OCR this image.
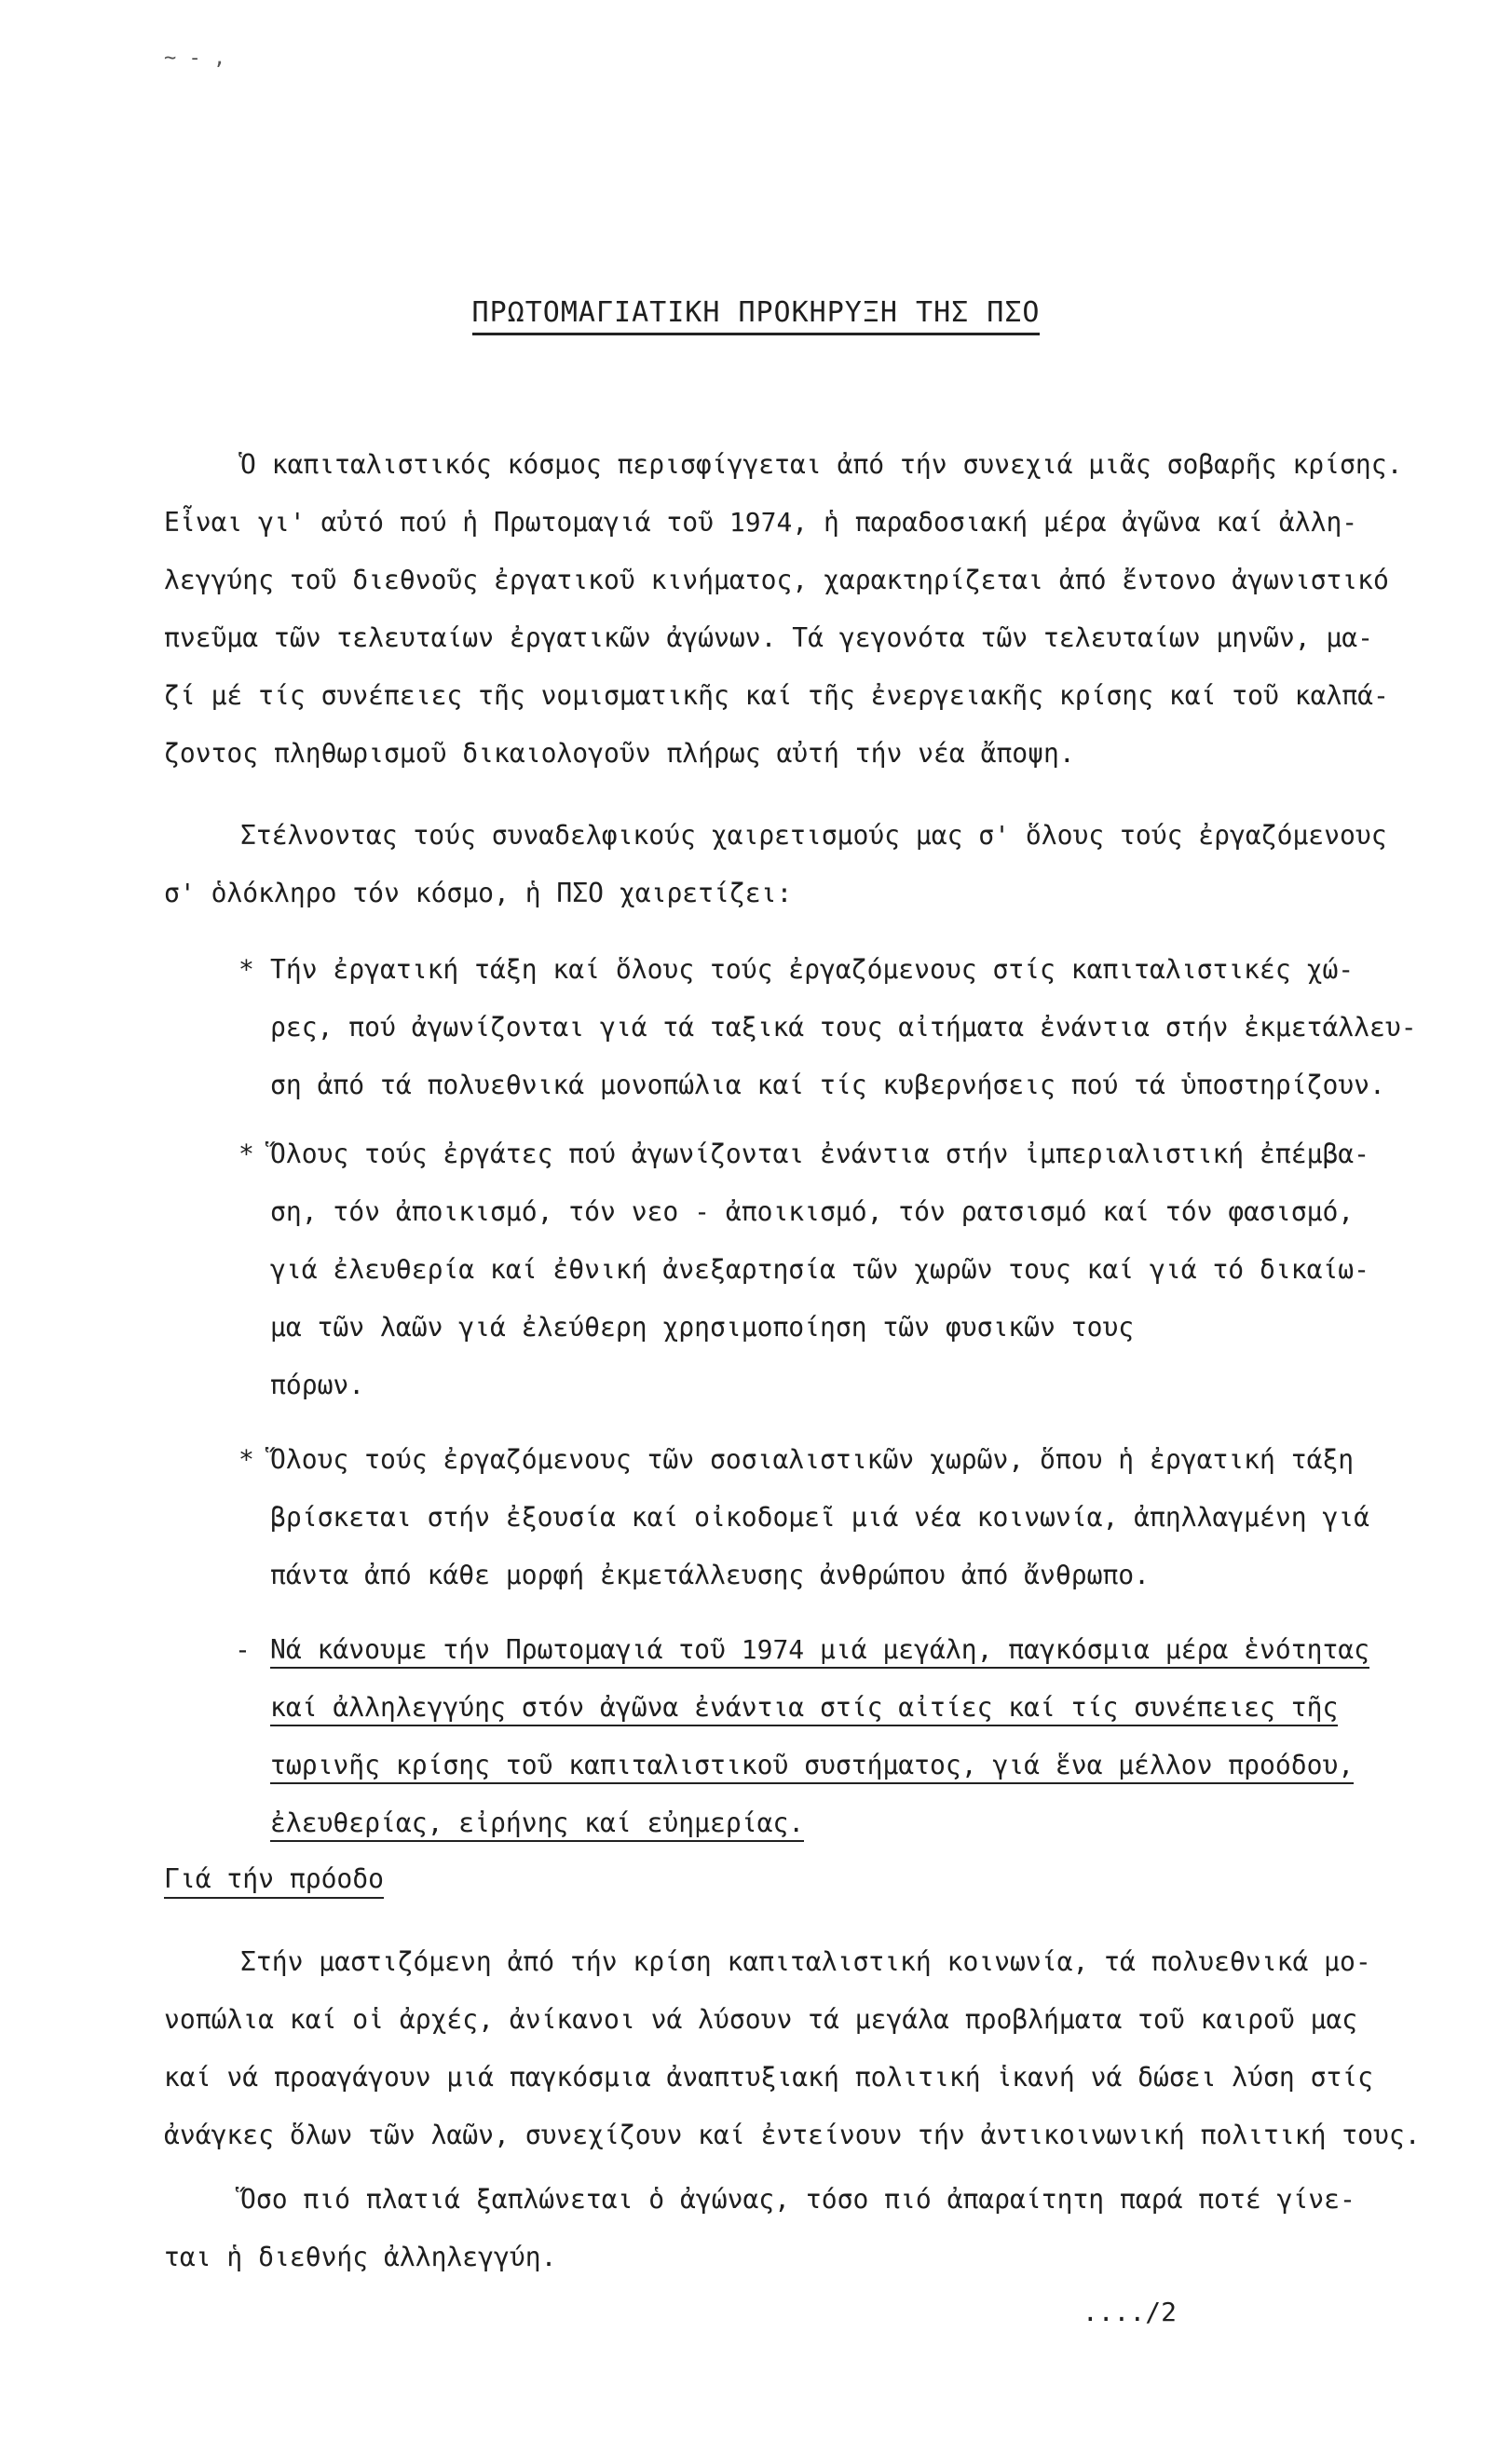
~ - ,
ΠΡΩΤΟΜΑΓΙΑΤΙΚΗ ΠΡΟΚΗΡΥΞΗ ΤΗΣ ΠΣΟ
Ὁ καπιταλιστικός κόσμος περισφίγγεται ἀπό τήν συνεχιά μιᾶς σοβαρῆς κρίσης.
Εἶναι γι' αὐτό πού ἡ Πρωτομαγιά τοῦ 1974, ἡ παραδοσιακή μέρα ἀγῶνα καί ἀλλη-
λεγγύης τοῦ διεθνοῦς ἐργατικοῦ κινήματος, χαρακτηρίζεται ἀπό ἔντονο ἀγωνιστικό
πνεῦμα τῶν τελευταίων ἐργατικῶν ἀγώνων. Τά γεγονότα τῶν τελευταίων μηνῶν, μα-
ζί μέ τίς συνέπειες τῆς νομισματικῆς καί τῆς ἐνεργειακῆς κρίσης καί τοῦ καλπά-
ζοντος πληθωρισμοῦ δικαιολογοῦν πλήρως αὐτή τήν νέα ἄποψη.
Στέλνοντας τούς συναδελφικούς χαιρετισμούς μας σ' ὅλους τούς ἐργαζόμενους
σ' ὁλόκληρο τόν κόσμο, ἡ ΠΣΟ χαιρετίζει:
* Τήν ἐργατική τάξη καί ὅλους τούς ἐργαζόμενους στίς καπιταλιστικές χώ-
ρες, πού ἀγωνίζονται γιά τά ταξικά τους αἰτήματα ἐνάντια στήν ἐκμετάλλευ-
ση ἀπό τά πολυεθνικά μονοπώλια καί τίς κυβερνήσεις πού τά ὑποστηρίζουν.
* Ὅλους τούς ἐργάτες πού ἀγωνίζονται ἐνάντια στήν ἰμπεριαλιστική ἐπέμβα-
ση, τόν ἀποικισμό, τόν νεο - ἀποικισμό, τόν ρατσισμό καί τόν φασισμό,
γιά ἐλευθερία καί ἐθνική ἀνεξαρτησία τῶν χωρῶν τους καί γιά τό δικαίω-
μα τῶν λαῶν γιά ἐλεύθερη χρησιμοποίηση τῶν φυσικῶν τους
πόρων.
* Ὅλους τούς ἐργαζόμενους τῶν σοσιαλιστικῶν χωρῶν, ὅπου ἡ ἐργατική τάξη
βρίσκεται στήν ἐξουσία καί οἰκοδομεῖ μιά νέα κοινωνία, ἀπηλλαγμένη γιά
πάντα ἀπό κάθε μορφή ἐκμετάλλευσης ἀνθρώπου ἀπό ἄνθρωπο.
- Νά κάνουμε τήν Πρωτομαγιά τοῦ 1974 μιά μεγάλη, παγκόσμια μέρα ἑνότητας
καί ἀλληλεγγύης στόν ἀγῶνα ἐνάντια στίς αἰτίες καί τίς συνέπειες τῆς
τωρινῆς κρίσης τοῦ καπιταλιστικοῦ συστήματος, γιά ἕνα μέλλον προόδου,
ἐλευθερίας, εἰρήνης καί εὐημερίας.
Γιά τήν πρόοδο
Στήν μαστιζόμενη ἀπό τήν κρίση καπιταλιστική κοινωνία, τά πολυεθνικά μο-
νοπώλια καί οἱ ἀρχές, ἀνίκανοι νά λύσουν τά μεγάλα προβλήματα τοῦ καιροῦ μας
καί νά προαγάγουν μιά παγκόσμια ἀναπτυξιακή πολιτική ἱκανή νά δώσει λύση στίς
ἀνάγκες ὅλων τῶν λαῶν, συνεχίζουν καί ἐντείνουν τήν ἀντικοινωνική πολιτική τους.
Ὅσο πιό πλατιά ξαπλώνεται ὁ ἀγώνας, τόσο πιό ἀπαραίτητη παρά ποτέ γίνε-
ται ἡ διεθνής ἀλληλεγγύη.
..../2
